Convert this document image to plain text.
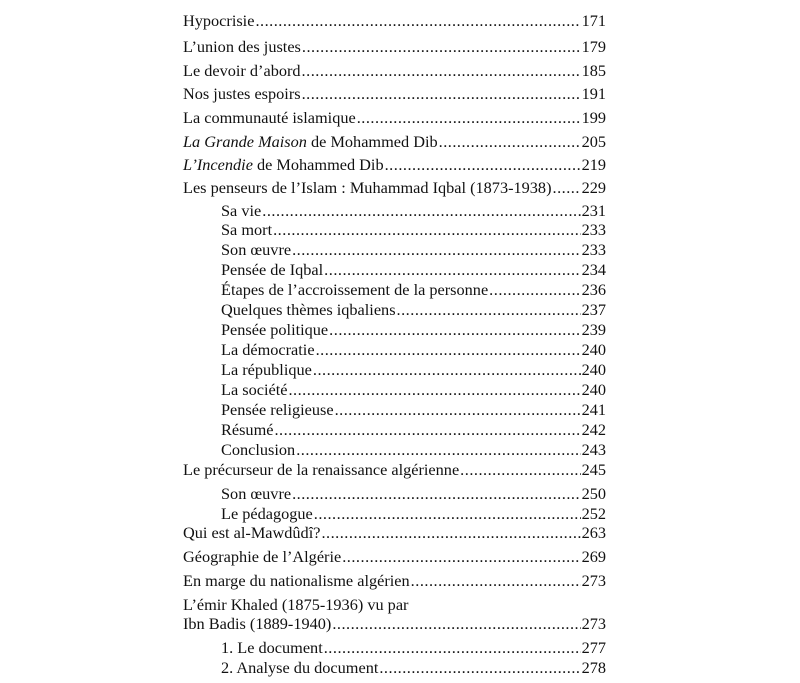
Hypocrisie .....	171
L’union des justes .....	179
Le devoir d’abord .....	185
Nos justes espoirs .....	191
La communauté islamique .....	199
La Grande Maison de Mohammed Dib .....	205
L’Incendie de Mohammed Dib .....	219
Les penseurs de l’Islam : Muhammad Iqbal (1873-1938) ..... 229
Sa vie .....	231
Sa mort .....	233
Son œuvre .....	233
Pensée de Iqbal .....	234
Étapes de l’accroissement de la personne .....	236
Quelques thèmes iqbaliens .....	237
Pensée politique .....	239
La démocratie .....	240
La république .....	240
La société .....	240
Pensée religieuse .....	241
Résumé .....	242
Conclusion .....	243
Le précurseur de la renaissance algérienne .....	245
Son œuvre .....	250
Le pédagogue .....	252
Qui est al-Mawdûdî? .....	263
Géographie de l’Algérie .....	269
En marge du nationalisme algérien .....	273
L’émir Khaled (1875-1936) vu par
Ibn Badis (1889-1940) .....	273
1. Le document .....	277
2. Analyse du document .....	278
